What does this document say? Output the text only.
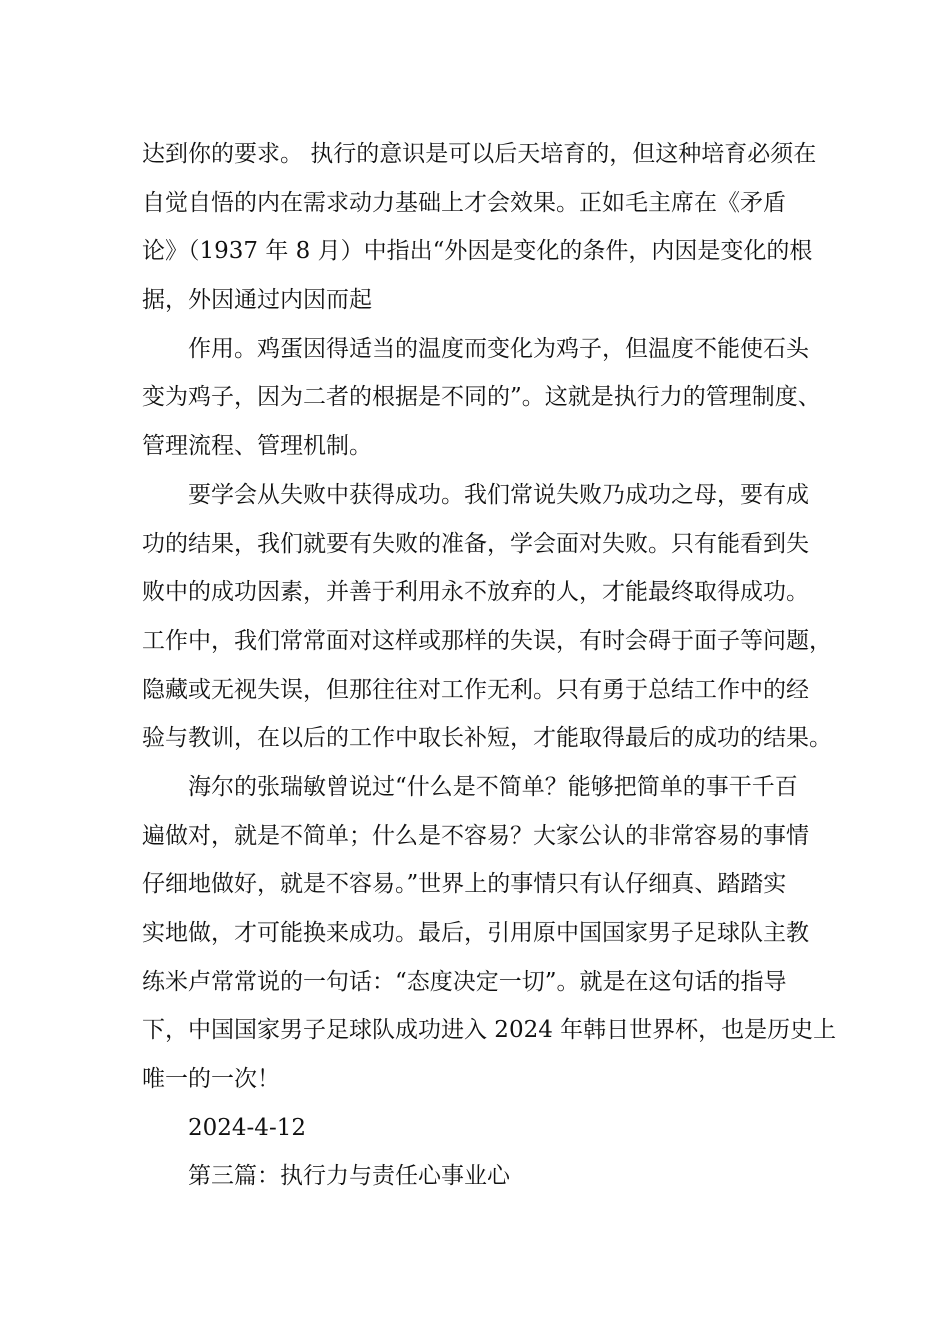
达到你的要求。 执行的意识是可以后天培育的，但这种培育必须在
自觉自悟的内在需求动力基础上才会效果。正如毛主席在《矛盾
论》（1937 年 8 月）中指出“外因是变化的条件，内因是变化的根
据，外因通过内因而起
作用。鸡蛋因得适当的温度而变化为鸡子，但温度不能使石头
变为鸡子，因为二者的根据是不同的”。这就是执行力的管理制度、
管理流程、管理机制。
要学会从失败中获得成功。我们常说失败乃成功之母，要有成
功的结果，我们就要有失败的准备，学会面对失败。只有能看到失
败中的成功因素，并善于利用永不放弃的人，才能最终取得成功。
工作中，我们常常面对这样或那样的失误，有时会碍于面子等问题，
隐藏或无视失误，但那往往对工作无利。只有勇于总结工作中的经
验与教训，在以后的工作中取长补短，才能取得最后的成功的结果。
海尔的张瑞敏曾说过“什么是不简单？能够把简单的事干千百
遍做对，就是不简单；什么是不容易？大家公认的非常容易的事情
仔细地做好，就是不容易。”世界上的事情只有认仔细真、踏踏实
实地做，才可能换来成功。最后，引用原中国国家男子足球队主教
练米卢常常说的一句话：“态度决定一切”。就是在这句话的指导
下，中国国家男子足球队成功进入 2024 年韩日世界杯，也是历史上
唯一的一次！
2024-4-12
第三篇：执行力与责任心事业心
